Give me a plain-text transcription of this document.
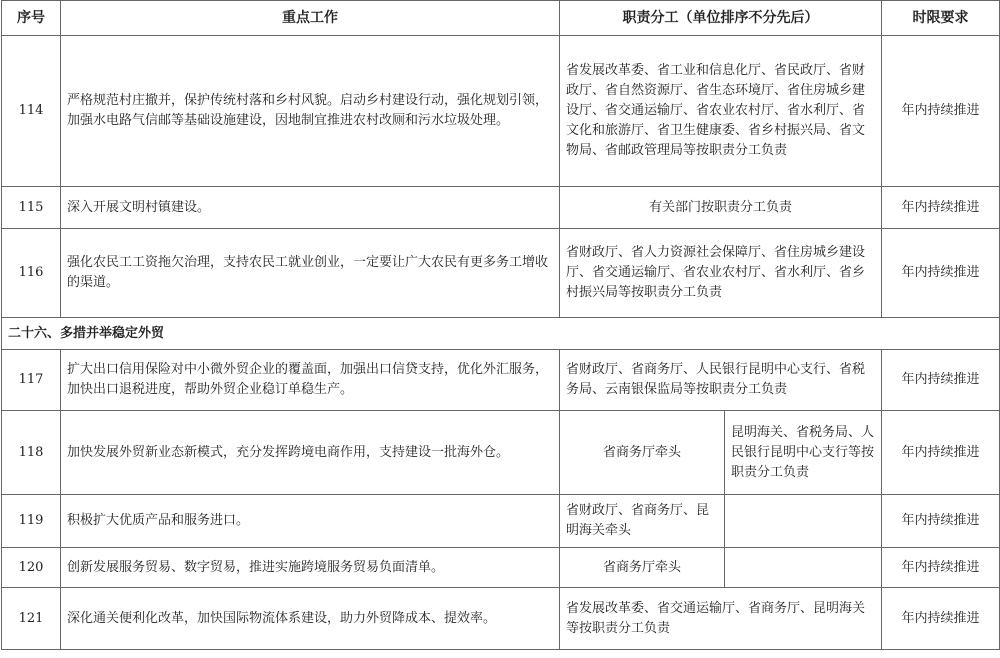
序号	重点工作	职责分工（单位排序不分先后）		时限要求
114	严格规范村庄撤并，保护传统村落和乡村风貌。启动乡村建设行动，强化规划引领，加强水电路气信邮等基础设施建设，因地制宜推进农村改厕和污水垃圾处理。	省发展改革委、省工业和信息化厅、省民政厅、省财政厅、省自然资源厅、省生态环境厅、省住房城乡建设厅、省交通运输厅、省农业农村厅、省水利厅、省文化和旅游厅、省卫生健康委、省乡村振兴局、省文物局、省邮政管理局等按职责分工负责		年内持续推进
115	深入开展文明村镇建设。	有关部门按职责分工负责		年内持续推进
116	强化农民工工资拖欠治理，支持农民工就业创业，一定要让广大农民有更多务工增收的渠道。	省财政厅、省人力资源社会保障厅、省住房城乡建设厅、省交通运输厅、省农业农村厅、省水利厅、省乡村振兴局等按职责分工负责		年内持续推进
二十六、多措并举稳定外贸				
117	扩大出口信用保险对中小微外贸企业的覆盖面，加强出口信贷支持，优化外汇服务，加快出口退税进度，帮助外贸企业稳订单稳生产。	省财政厅、省商务厅、人民银行昆明中心支行、省税务局、云南银保监局等按职责分工负责		年内持续推进
118	加快发展外贸新业态新模式，充分发挥跨境电商作用，支持建设一批海外仓。	省商务厅牵头	昆明海关、省税务局、人民银行昆明中心支行等按职责分工负责	年内持续推进
119	积极扩大优质产品和服务进口。	省财政厅、省商务厅、昆明海关牵头		年内持续推进
120	创新发展服务贸易、数字贸易，推进实施跨境服务贸易负面清单。	省商务厅牵头		年内持续推进
121	深化通关便利化改革，加快国际物流体系建设，助力外贸降成本、提效率。	省发展改革委、省交通运输厅、省商务厅、昆明海关等按职责分工负责		年内持续推进
